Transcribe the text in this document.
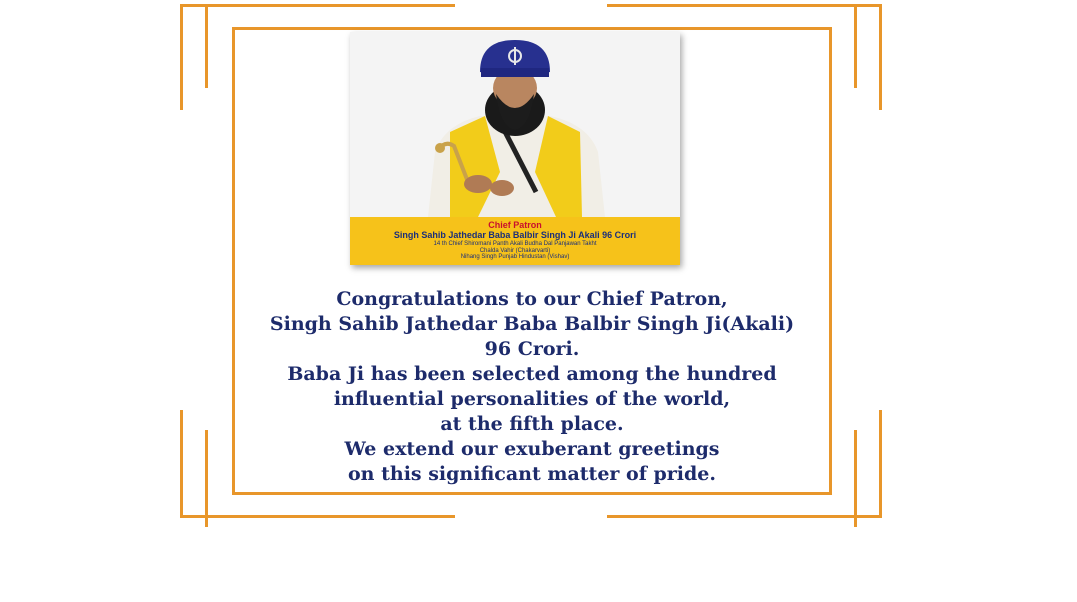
Chief Patron
Singh Sahib Jathedar Baba Balbir Singh Ji Akali 96 Crori
14 th Chief Shiromani Panth Akali Budha Dal Panjawan Takht
Chalda Vahir (Chakarvarti)
Nihang Singh Punjab Hindustan (Vishav)
Congratulations to our Chief Patron,
Singh Sahib Jathedar Baba Balbir Singh Ji(Akali)
96 Crori.
Baba Ji has been selected among the hundred
influential personalities of the world,
at the fifth place.
We extend our exuberant greetings
on this significant matter of pride.
